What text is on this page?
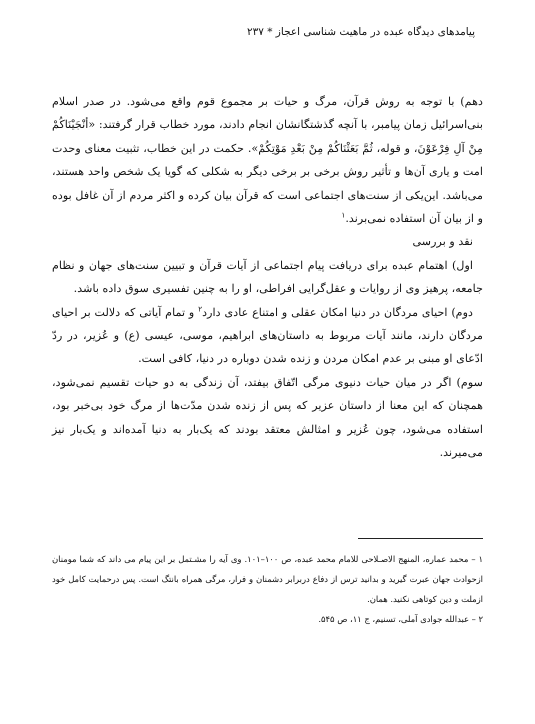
پیامدهای دیدگاه عبده در ماهیت شناسی اعجاز * ۲۳۷

دهم) با توجه به روش قرآن، مرگ و حیات بر مجموع قوم واقع می‌شود. در صدر اسلام بنی‌اسرائیل زمان پیامبر، با آنچه گذشتگانشان انجام دادند، مورد خطاب قرار گرفتند: «أنْجَیْنَاکُمْ مِنْ آلِ فِرْعَوْنَ، و قوله، ثُمَّ بَعَثْنَاکُمْ مِنْ بَعْدِ مَوْتِکُمْ». حکمت در این خطاب، تثبیت معنای وحدت امت و یاری آن‌ها و تأثیر روش برخی بر برخی دیگر به شکلی که گویا یک شخص واحد هستند، می‌باشد. این‌یکی از سنت‌های اجتماعی است که قرآن بیان کرده و اکثر مردم از آن غافل بوده و از بیان آن استفاده نمی‌برند.$^۱$

نقد و بررسی

اول) اهتمام عبده برای دریافت پیام اجتماعی از آیات قرآن و تبیین سنت‌های جهان و نظام جامعه، پرهیز وی از روایات و عقل‌گرایی افراطی، او را به چنین تفسیری سوق داده باشد.

دوم) احیای مردگان در دنیا امکان عقلی و امتناع عادی دارد$^۲$ و تمام آیاتی که دلالت بر احیای مردگان دارند، مانند آیات مربوط به داستان‌های ابراهیم، موسی، عیسی (ع) و عُزیر، در ردّ ادّعای او مبنی بر عدم امکان مردن و زنده شدن دوباره در دنیا، کافی است.

سوم) اگر در میان حیات دنیوی مرگی اتّفاق بیفتد، آن زندگی به دو حیات تقسیم نمی‌شود، همچنان که این معنا از داستان عزیر که پس از زنده شدن مدّت‌ها از مرگ خود بی‌خبر بود، استفاده می‌شود، چون عُزیر و امثالش معتقد بودند که یک‌بار به دنیا آمده‌اند و یک‌بار نیز می‌میرند.

۱ – محمد عماره، المنهج الاصـلاحی للامام محمد عبده، ص ۱۰۰–۱۰۱. وی آیه را مشـتمل بر این پیام می داند که شما مومنان ازحوادث جهان عبرت گیرید و بدانید ترس از دفاع دربرابر دشمنان و فرار، مرگی همراه بانتگ است. پس درحمایت کامل خود ازملت و دین کوتاهی نکنید. همان.

۲ – عبدالله جوادی آملی، تسنیم، ج ۱۱، ص ۵۴۵.
